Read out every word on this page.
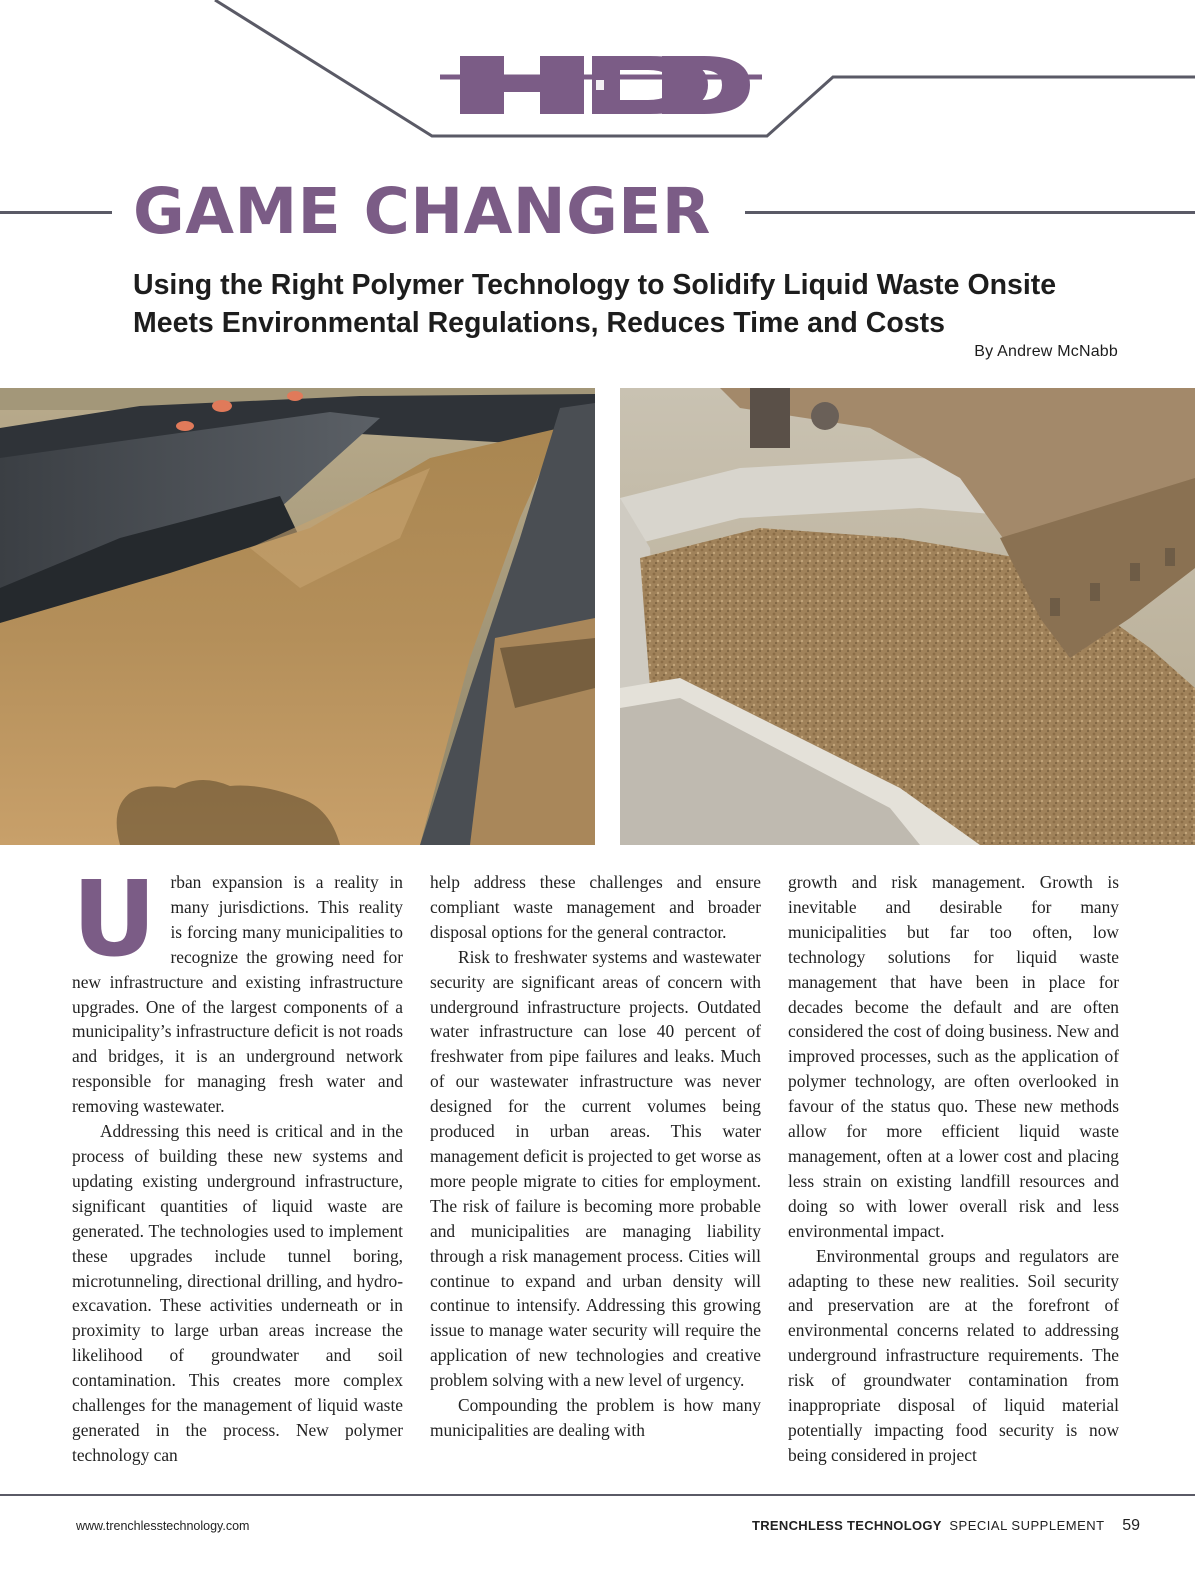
HDD
GAME CHANGER
Using the Right Polymer Technology to Solidify Liquid Waste Onsite Meets Environmental Regulations, Reduces Time and Costs
By Andrew McNabb

Urban expansion is a reality in many jurisdictions. This reality is forcing many municipalities to recognize the growing need for new infrastructure and existing infrastructure upgrades. One of the largest components of a municipality’s infrastructure deficit is not roads and bridges, it is an underground network responsible for managing fresh water and removing wastewater.

Addressing this need is critical and in the process of building these new systems and updating existing underground infrastructure, significant quantities of liquid waste are generated. The technologies used to implement these upgrades include tunnel boring, microtunneling, directional drilling, and hydro-excavation. These activities underneath or in proximity to large urban areas increase the likelihood of groundwater and soil contamination. This creates more complex challenges for the management of liquid waste generated in the process. New polymer technology can

help address these challenges and ensure compliant waste management and broader disposal options for the general contractor.

Risk to freshwater systems and wastewater security are significant areas of concern with underground infrastructure projects. Outdated water infrastructure can lose 40 percent of freshwater from pipe failures and leaks. Much of our wastewater infrastructure was never designed for the current volumes being produced in urban areas. This water management deficit is projected to get worse as more people migrate to cities for employment. The risk of failure is becoming more probable and municipalities are managing liability through a risk management process. Cities will continue to expand and urban density will continue to intensify. Addressing this growing issue to manage water security will require the application of new technologies and creative problem solving with a new level of urgency.

Compounding the problem is how many municipalities are dealing with

growth and risk management. Growth is inevitable and desirable for many municipalities but far too often, low technology solutions for liquid waste management that have been in place for decades become the default and are often considered the cost of doing business. New and improved processes, such as the application of polymer technology, are often overlooked in favour of the status quo. These new methods allow for more efficient liquid waste management, often at a lower cost and placing less strain on existing landfill resources and doing so with lower overall risk and less environmental impact.

Environmental groups and regulators are adapting to these new realities. Soil security and preservation are at the forefront of environmental concerns related to addressing underground infrastructure requirements. The risk of groundwater contamination from inappropriate disposal of liquid material potentially impacting food security is now being considered in project

www.trenchlesstechnology.com	TRENCHLESS TECHNOLOGY SPECIAL SUPPLEMENT 59
